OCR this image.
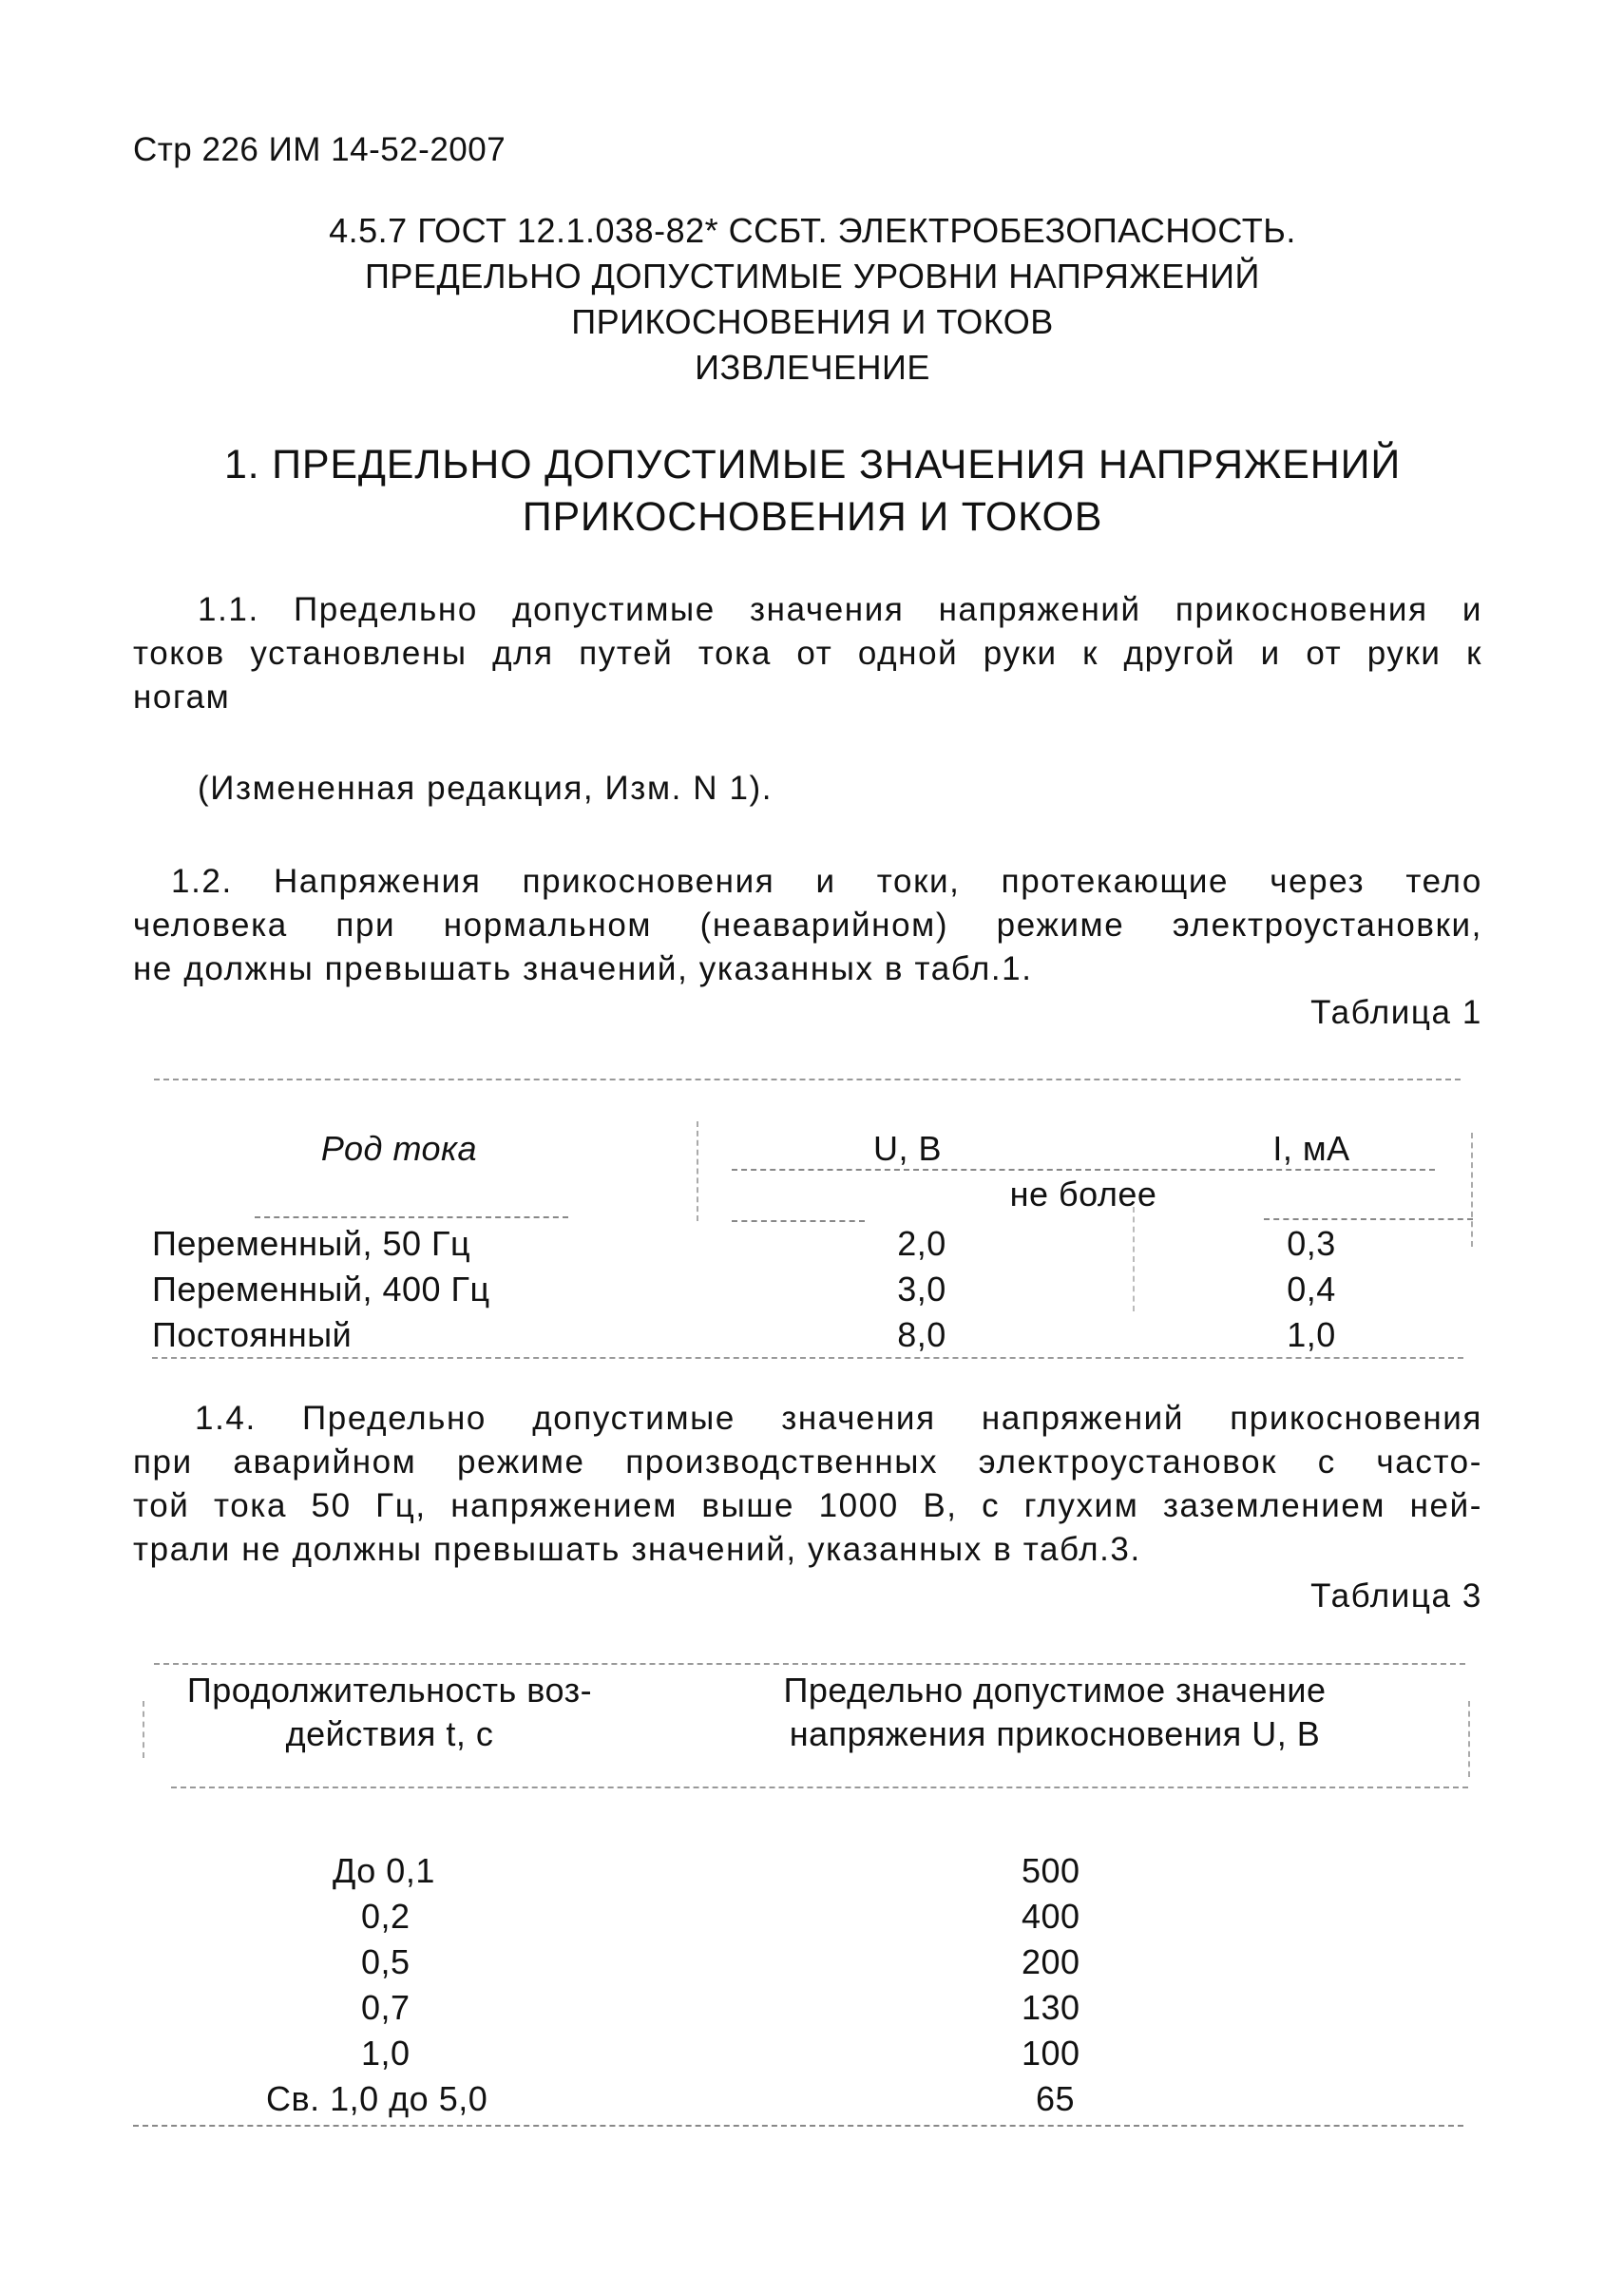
Стр 226 ИМ 14-52-2007
4.5.7 ГОСТ 12.1.038-82* ССБТ. ЭЛЕКТРОБЕЗОПАСНОСТЬ.
ПРЕДЕЛЬНО ДОПУСТИМЫЕ УРОВНИ НАПРЯЖЕНИЙ
ПРИКОСНОВЕНИЯ И ТОКОВ
ИЗВЛЕЧЕНИЕ
1. ПРЕДЕЛЬНО ДОПУСТИМЫЕ ЗНАЧЕНИЯ НАПРЯЖЕНИЙ
ПРИКОСНОВЕНИЯ И ТОКОВ
1.1. Предельно допустимые значения напряжений прикосновения и
токов установлены для путей тока от одной руки к другой и от руки к
ногам
(Измененная редакция, Изм. N 1).
1.2. Напряжения прикосновения и токи, протекающие через тело
человека при нормальном (неаварийном) режиме электроустановки,
не должны превышать значений, указанных в табл.1.
Таблица 1
Род тока	U, В	I, мА
не более
Переменный, 50 Гц	2,0	0,3
Переменный, 400 Гц	3,0	0,4
Постоянный	8,0	1,0
1.4. Предельно допустимые значения напряжений прикосновения
при аварийном режиме производственных электроустановок с часто-
той тока 50 Гц, напряжением выше 1000 В, с глухим заземлением ней-
трали не должны превышать значений, указанных в табл.3.
Таблица 3
Продолжительность воз-
действия t, с
Предельно допустимое значение
напряжения прикосновения U, В
До 0,1	500
0,2	400
0,5	200
0,7	130
1,0	100
Св. 1,0 до 5,0	65
